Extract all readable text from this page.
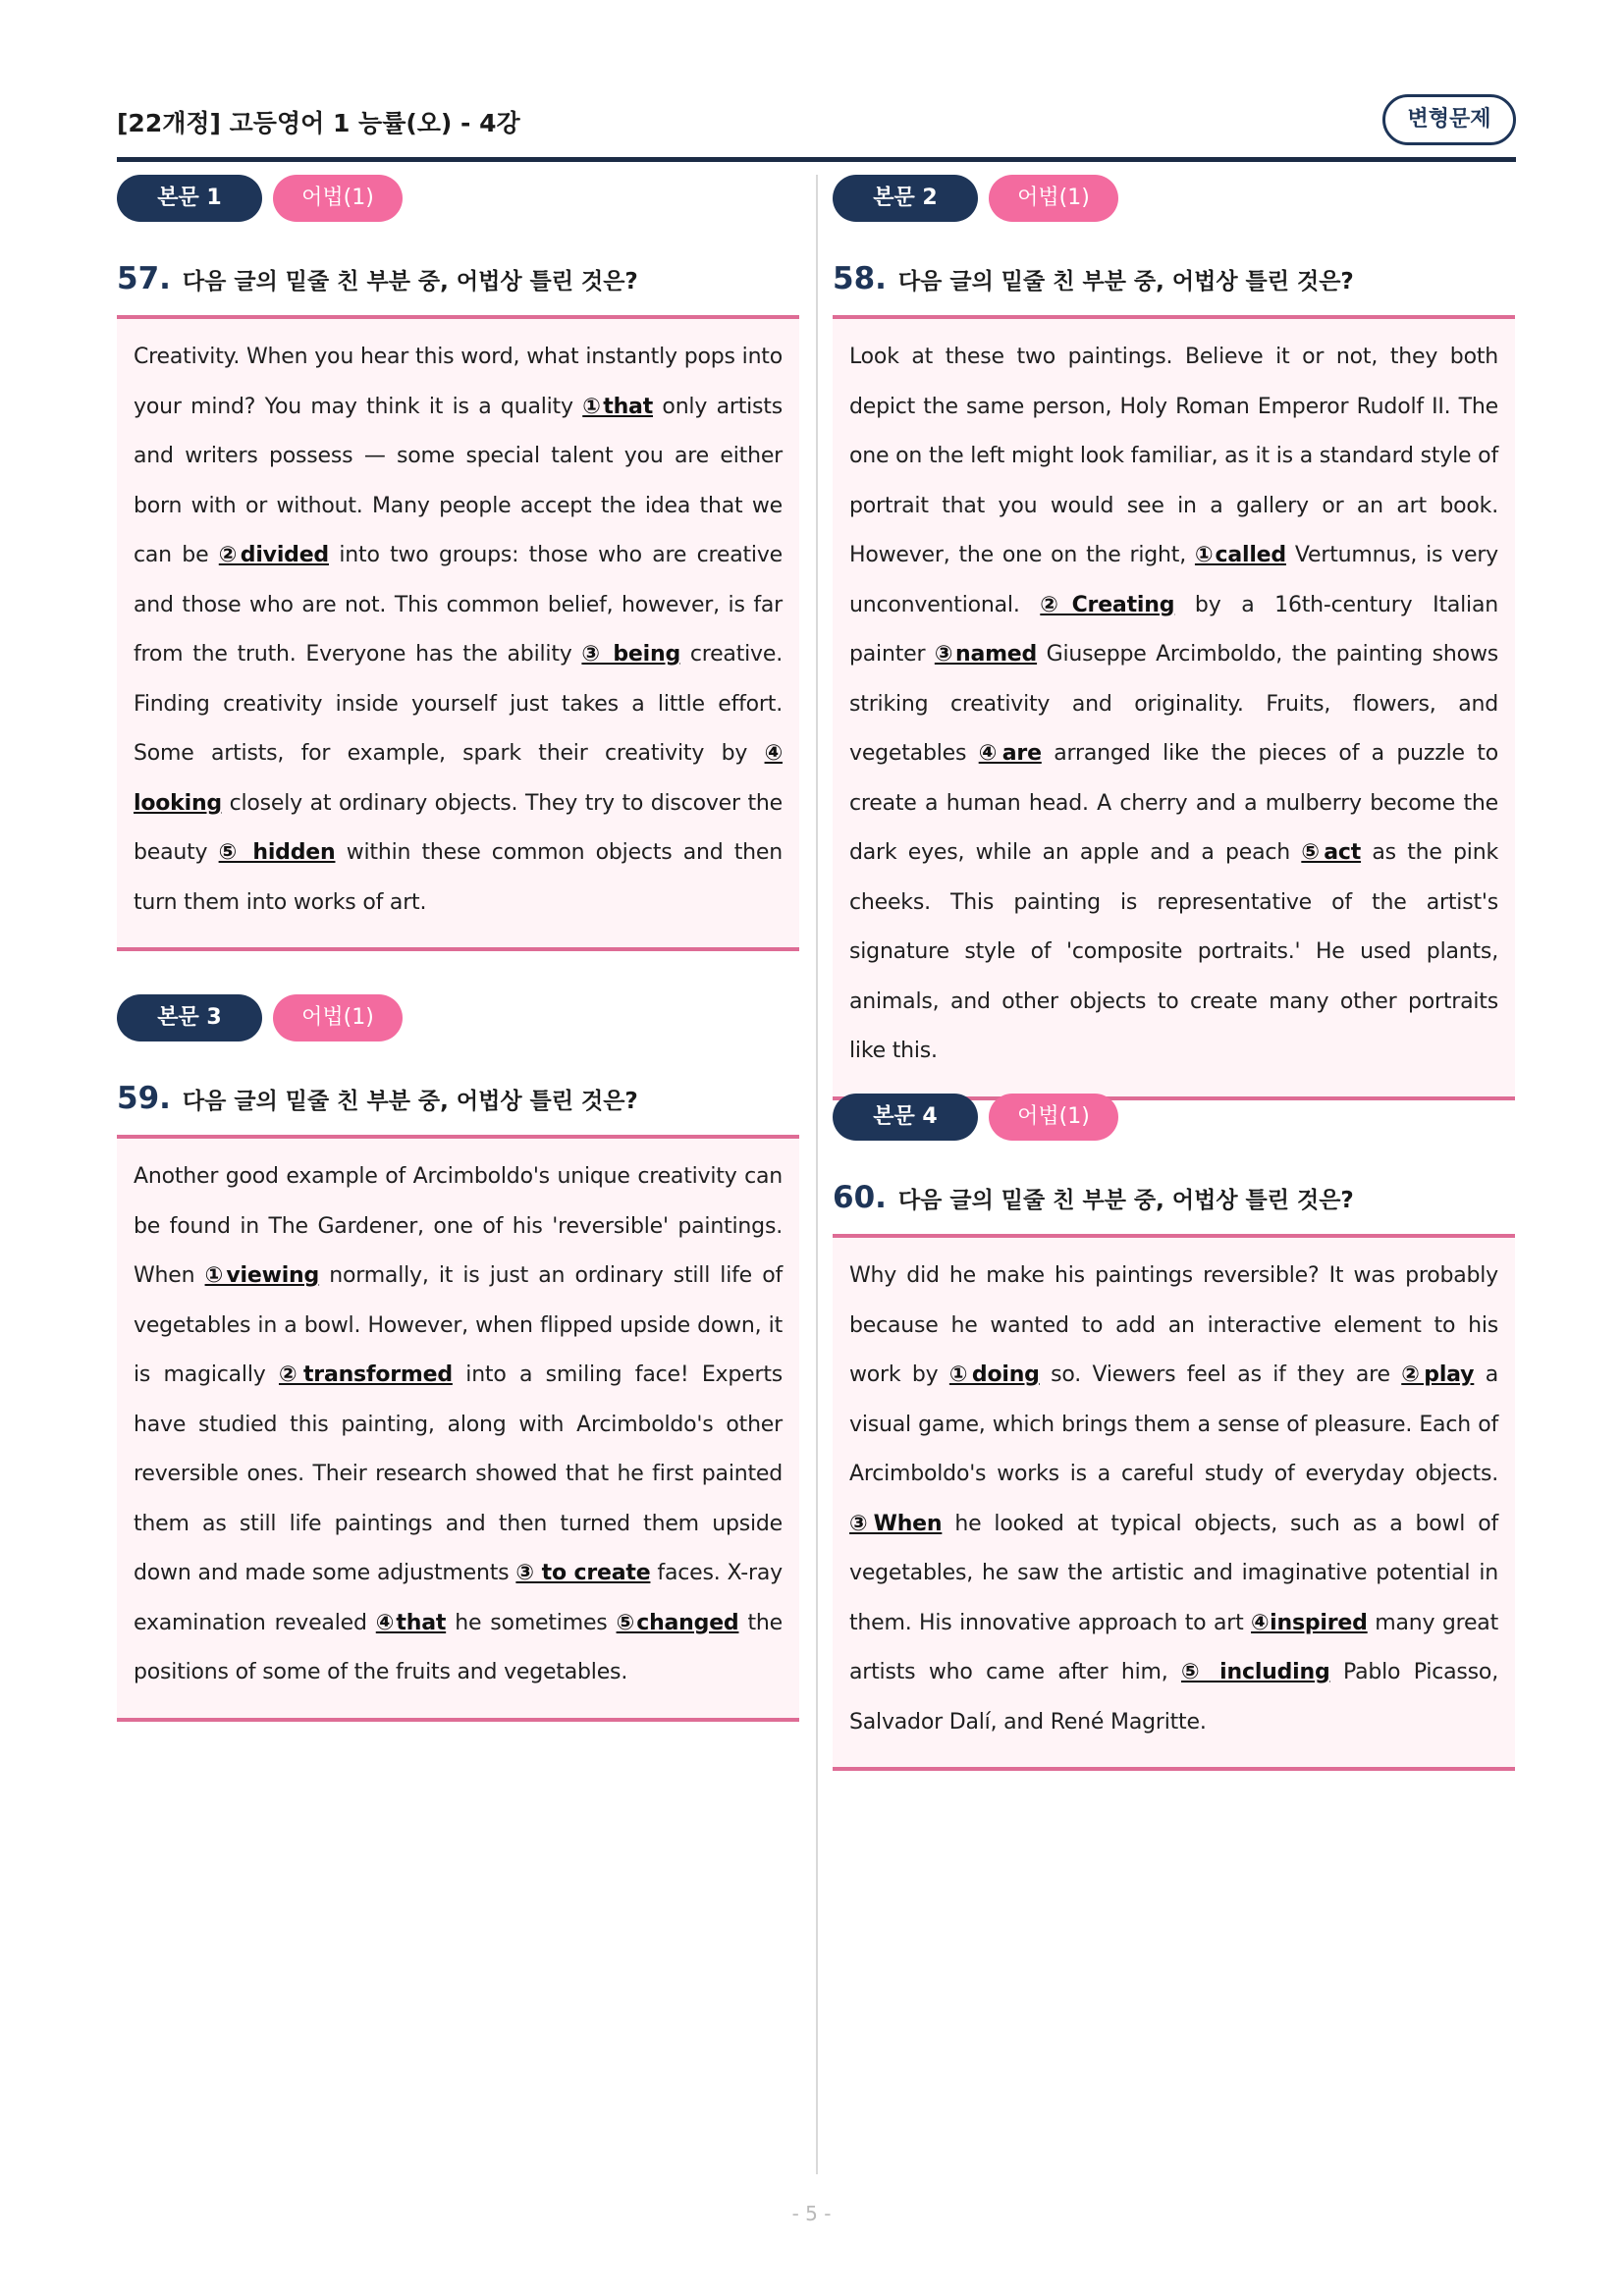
[22개정] 고등영어 1 능률(오) - 4강	변형문제
본문 1	어법(1)
57. 다음 글의 밑줄 친 부분 중, 어법상 틀린 것은?

Creativity. When you hear this word, what instantly pops into your mind? You may think it is a quality ①that only artists and writers possess — some special talent you are either born with or without. Many people accept the idea that we can be ②divided into two groups: those who are creative and those who are not. This common belief, however, is far from the truth. Everyone has the ability ③ being creative. Finding creativity inside yourself just takes a little effort. Some artists, for example, spark their creativity by ④ looking closely at ordinary objects. They try to discover the beauty ⑤ hidden within these common objects and then turn them into works of art.

본문 2	어법(1)
58. 다음 글의 밑줄 친 부분 중, 어법상 틀린 것은?

Look at these two paintings. Believe it or not, they both depict the same person, Holy Roman Emperor Rudolf II. The one on the left might look familiar, as it is a standard style of portrait that you would see in a gallery or an art book. However, the one on the right, ①called Vertumnus, is very unconventional. ②Creating by a 16th-century Italian painter ③named Giuseppe Arcimboldo, the painting shows striking creativity and originality. Fruits, flowers, and vegetables ④are arranged like the pieces of a puzzle to create a human head. A cherry and a mulberry become the dark eyes, while an apple and a peach ⑤act as the pink cheeks. This painting is representative of the artist's signature style of 'composite portraits.' He used plants, animals, and other objects to create many other portraits like this.

본문 3	어법(1)
59. 다음 글의 밑줄 친 부분 중, 어법상 틀린 것은?

Another good example of Arcimboldo's unique creativity can be found in The Gardener, one of his 'reversible' paintings. When ①viewing normally, it is just an ordinary still life of vegetables in a bowl. However, when flipped upside down, it is magically ②transformed into a smiling face! Experts have studied this painting, along with Arcimboldo's other reversible ones. Their research showed that he first painted them as still life paintings and then turned them upside down and made some adjustments ③ to create faces. X-ray examination revealed ④that he sometimes ⑤changed the positions of some of the fruits and vegetables.

본문 4	어법(1)
60. 다음 글의 밑줄 친 부분 중, 어법상 틀린 것은?

Why did he make his paintings reversible? It was probably because he wanted to add an interactive element to his work by ①doing so. Viewers feel as if they are ②play a visual game, which brings them a sense of pleasure. Each of Arcimboldo's works is a careful study of everyday objects. ③When he looked at typical objects, such as a bowl of vegetables, he saw the artistic and imaginative potential in them. His innovative approach to art ④inspired many great artists who came after him, ⑤ including Pablo Picasso, Salvador Dalí, and René Magritte.

- 5 -
